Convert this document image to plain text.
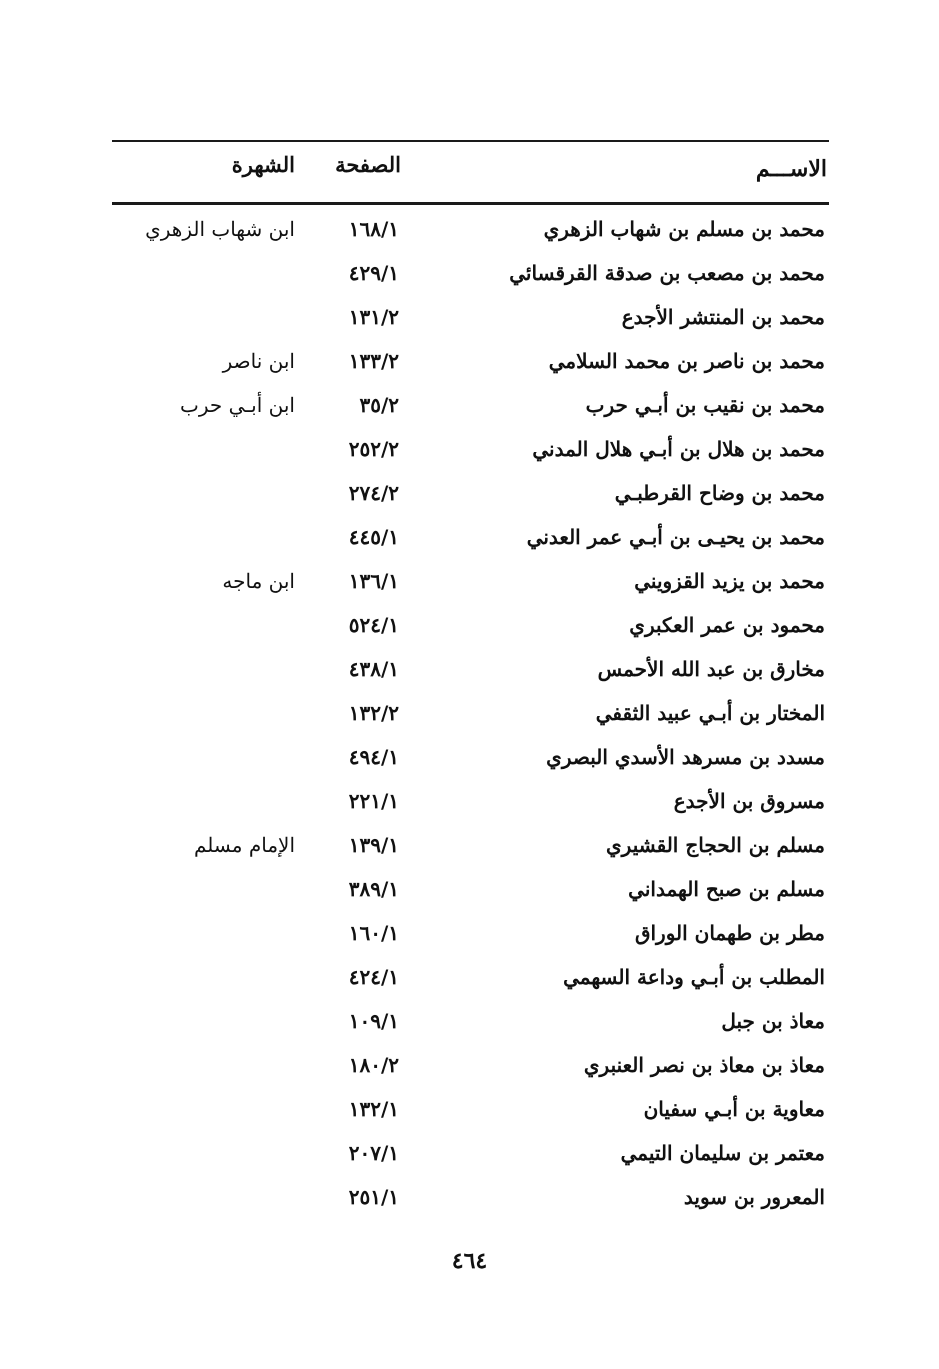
الاســـم
الصفحة
الشهرة
محمد بن مسلم بن شهاب الزهري
١٦٨/١
ابن شهاب الزهري
محمد بن مصعب بن صدقة القرقسائي
٤٢٩/١
محمد بن المنتشر الأجدع
١٣١/٢
محمد بن ناصر بن محمد السلامي
١٣٣/٢
ابن ناصر
محمد بن نقيب بن أبـي حرب
٣٥/٢
ابن أبـي حرب
محمد بن هلال بن أبـي هلال المدني
٢٥٢/٢
محمد بن وضاح القرطبـي
٢٧٤/٢
محمد بن يحيـى بن أبـي عمر العدني
٤٤٥/١
محمد بن يزيد القزويني
١٣٦/١
ابن ماجه
محمود بن عمر العكبري
٥٢٤/١
مخارق بن عبد الله الأحمس
٤٣٨/١
المختار بن أبـي عبيد الثقفي
١٣٢/٢
مسدد بن مسرهد الأسدي البصري
٤٩٤/١
مسروق بن الأجدع
٢٢١/١
مسلم بن الحجاج القشيري
١٣٩/١
الإمام مسلم
مسلم بن صبح الهمداني
٣٨٩/١
مطر بن طهمان الوراق
١٦٠/١
المطلب بن أبـي وداعة السهمي
٤٢٤/١
معاذ بن جبل
١٠٩/١
معاذ بن معاذ بن نصر العنبري
١٨٠/٢
معاوية بن أبـي سفيان
١٣٢/١
معتمر بن سليمان التيمي
٢٠٧/١
المعرور بن سويد
٢٥١/١
٤٦٤
